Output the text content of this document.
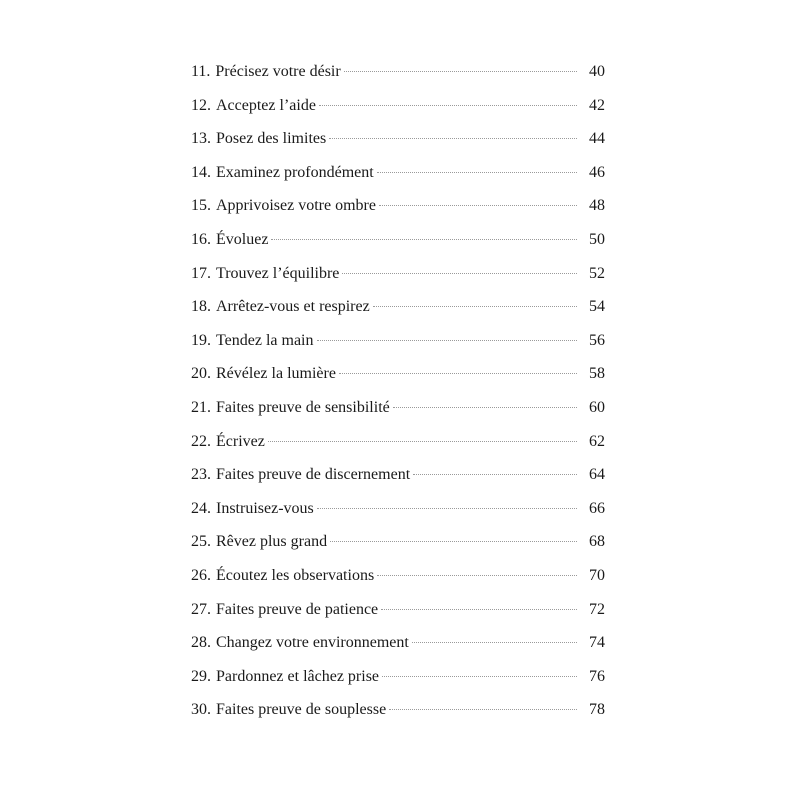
11. Précisez votre désir	40
12. Acceptez l’aide	42
13. Posez des limites	44
14. Examinez profondément	46
15. Apprivoisez votre ombre	48
16. Évoluez	50
17. Trouvez l’équilibre	52
18. Arrêtez-vous et respirez	54
19. Tendez la main	56
20. Révélez la lumière	58
21. Faites preuve de sensibilité	60
22. Écrivez	62
23. Faites preuve de discernement	64
24. Instruisez-vous	66
25. Rêvez plus grand	68
26. Écoutez les observations	70
27. Faites preuve de patience	72
28. Changez votre environnement	74
29. Pardonnez et lâchez prise	76
30. Faites preuve de souplesse	78
